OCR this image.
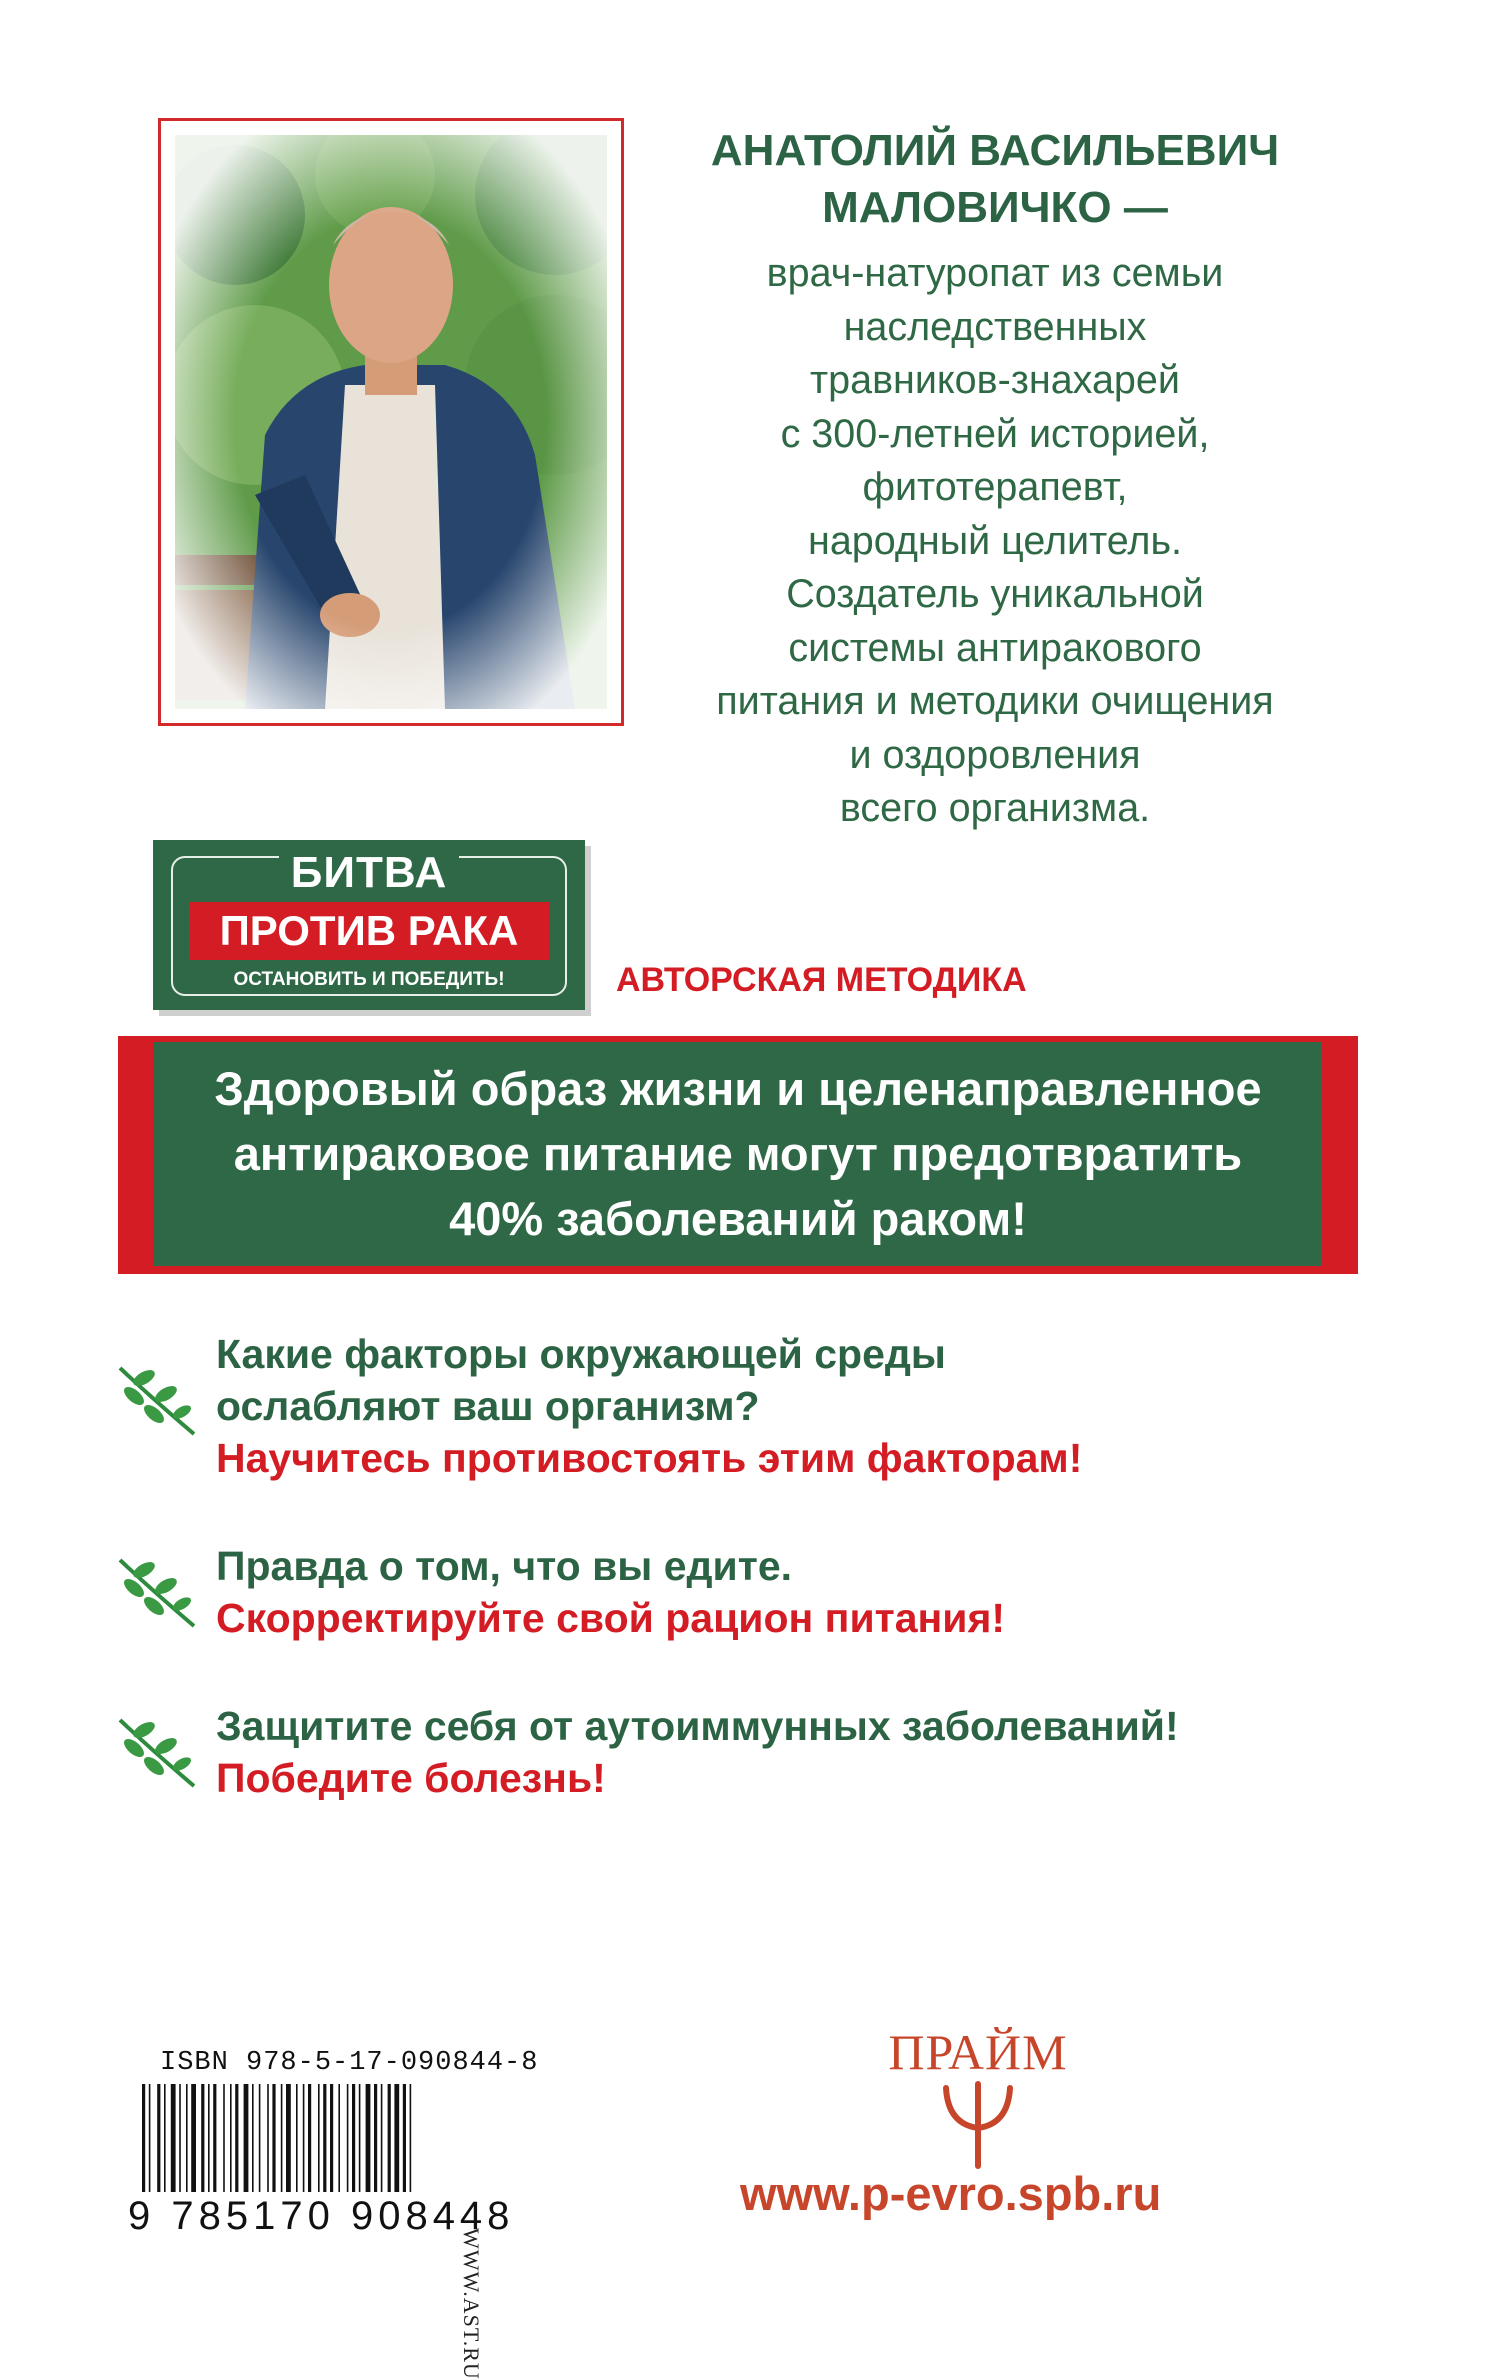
АНАТОЛИЙ ВАСИЛЬЕВИЧ
МАЛОВИЧКО —
врач-натуропат из семьи
наследственных
травников-знахарей
с 300-летней историей,
фитотерапевт,
народный целитель.
Создатель уникальной
системы антиракового
питания и методики очищения
и оздоровления
всего организма.
БИТВА
ПРОТИВ РАКА
ОСТАНОВИТЬ И ПОБЕДИТЬ!	АВТОРСКАЯ МЕТОДИКА
Здоровый образ жизни и целенаправленное
антираковое питание могут предотвратить
40% заболеваний раком!
Какие факторы окружающей среды
ослабляют ваш организм?
Научитесь противостоять этим факторам!
Правда о том, что вы едите.
Скорректируйте свой рацион питания!
Защитите себя от аутоиммунных заболеваний!
Победите болезнь!
ISBN 978-5-17-090844-8
9 785170 908448
WWW.AST.RU
ПРАЙМ
www.p-evro.spb.ru
